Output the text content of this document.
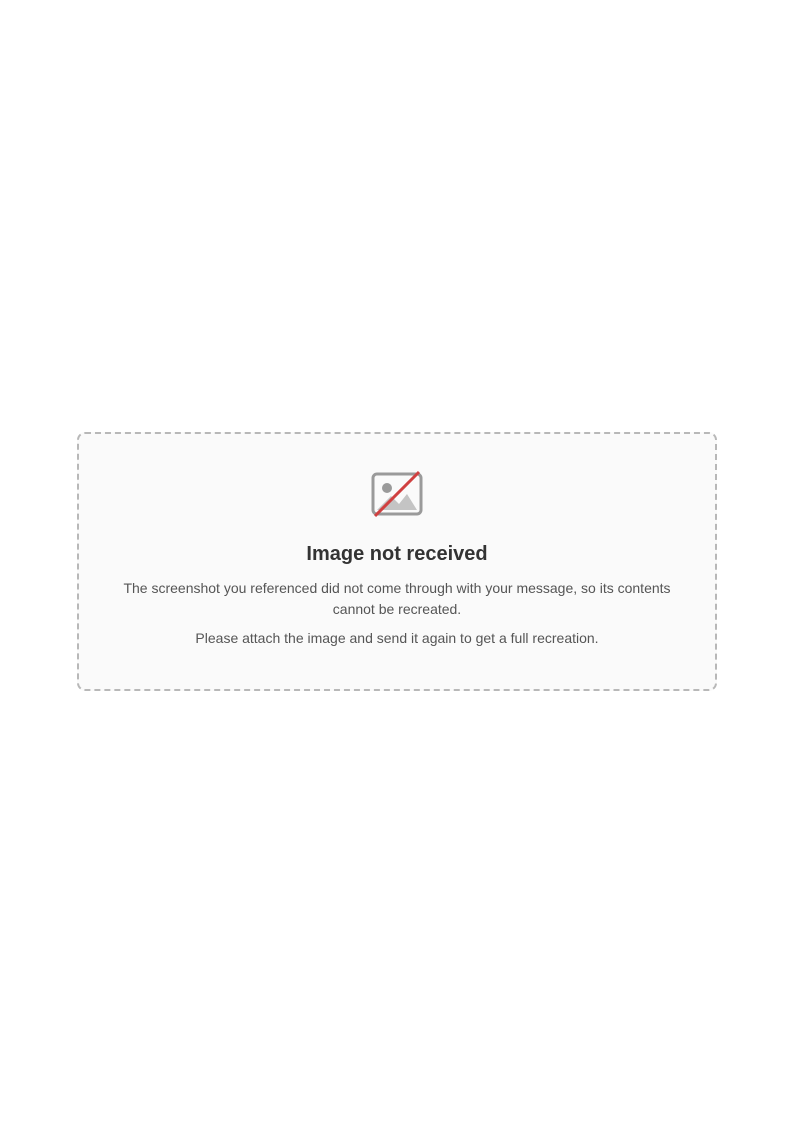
Image not received

The screenshot you referenced did not come through with your message, so its contents cannot be recreated.

Please attach the image and send it again to get a full recreation.
